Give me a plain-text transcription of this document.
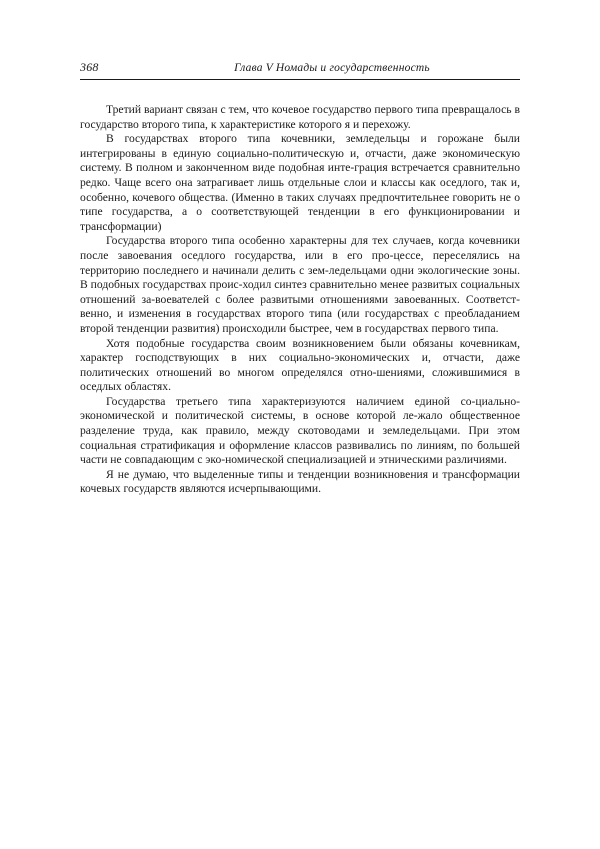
368	Глава V Номады и государственность

Третий вариант связан с тем, что кочевое государство первого типа превращалось в государство второго типа, к характеристике которого я и перехожу.

В государствах второго типа кочевники, земледельцы и горожане были интегрированы в единую социально-политическую и, отчасти, даже экономическую систему. В полном и законченном виде подобная инте-грация встречается сравнительно редко. Чаще всего она затрагивает лишь отдельные слои и классы как оседлого, так и, особенно, кочевого общества. (Именно в таких случаях предпочтительнее говорить не о типе государства, а о соответствующей тенденции в его функционировании и трансформации)

Государства второго типа особенно характерны для тех случаев, когда кочевники после завоевания оседлого государства, или в его про-цессе, переселялись на территорию последнего и начинали делить с зем-ледельцами одни экологические зоны. В подобных государствах проис-ходил синтез сравнительно менее развитых социальных отношений за-воевателей с более развитыми отношениями завоеванных. Соответст-венно, и изменения в государствах второго типа (или государствах с преобладанием второй тенденции развития) происходили быстрее, чем в государствах первого типа.

Хотя подобные государства своим возникновением были обязаны кочевникам, характер господствующих в них социально-экономических и, отчасти, даже политических отношений во многом определялся отно-шениями, сложившимися в оседлых областях.

Государства третьего типа характеризуются наличием единой со-циально-экономической и политической системы, в основе которой ле-жало общественное разделение труда, как правило, между скотоводами и земледельцами. При этом социальная стратификация и оформление классов развивались по линиям, по большей части не совпадающим с эко-номической специализацией и этническими различиями.

Я не думаю, что выделенные типы и тенденции возникновения и трансформации кочевых государств являются исчерпывающими.
